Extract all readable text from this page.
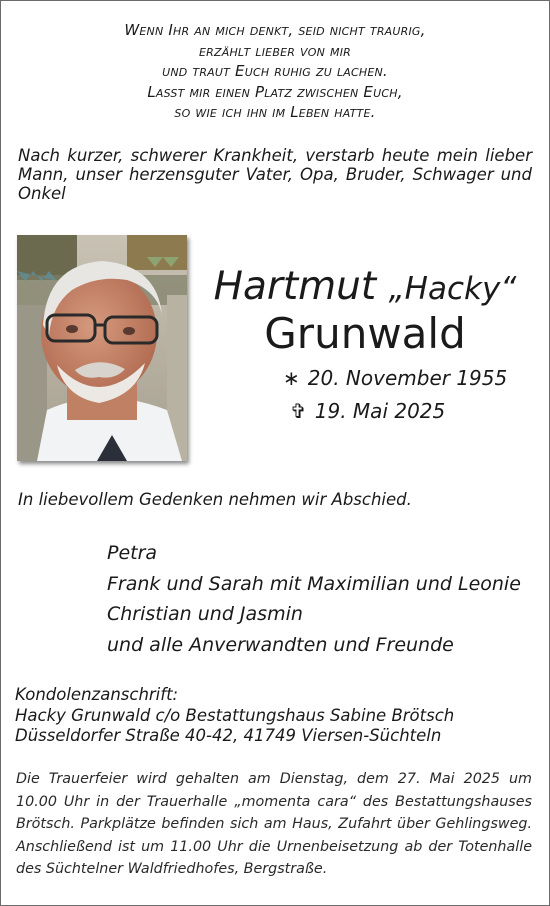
Wenn Ihr an mich denkt, seid nicht traurig,
erzählt lieber von mir
und traut Euch ruhig zu lachen.
Lasst mir einen Platz zwischen Euch,
so wie ich ihn im Leben hatte.
Nach kurzer, schwerer Krankheit, verstarb heute mein lieber Mann, unser herzensguter Vater, Opa, Bruder, Schwager und Onkel
Hartmut „Hacky“
Grunwald
∗ 20. November 1955
✞ 19. Mai 2025
In liebevollem Gedenken nehmen wir Abschied.
Petra
Frank und Sarah mit Maximilian und Leonie
Christian und Jasmin
und alle Anverwandten und Freunde
Kondolenzanschrift:
Hacky Grunwald c/o Bestattungshaus Sabine Brötsch
Düsseldorfer Straße 40-42, 41749 Viersen-Süchteln
Die Trauerfeier wird gehalten am Dienstag, dem 27. Mai 2025 um 10.00 Uhr in der Trauerhalle „momenta cara“ des Bestattungshauses Brötsch. Parkplätze befinden sich am Haus, Zufahrt über Gehlingsweg. Anschließend ist um 11.00 Uhr die Urnenbeisetzung ab der Totenhalle des Süchtelner Waldfriedhofes, Bergstraße.
